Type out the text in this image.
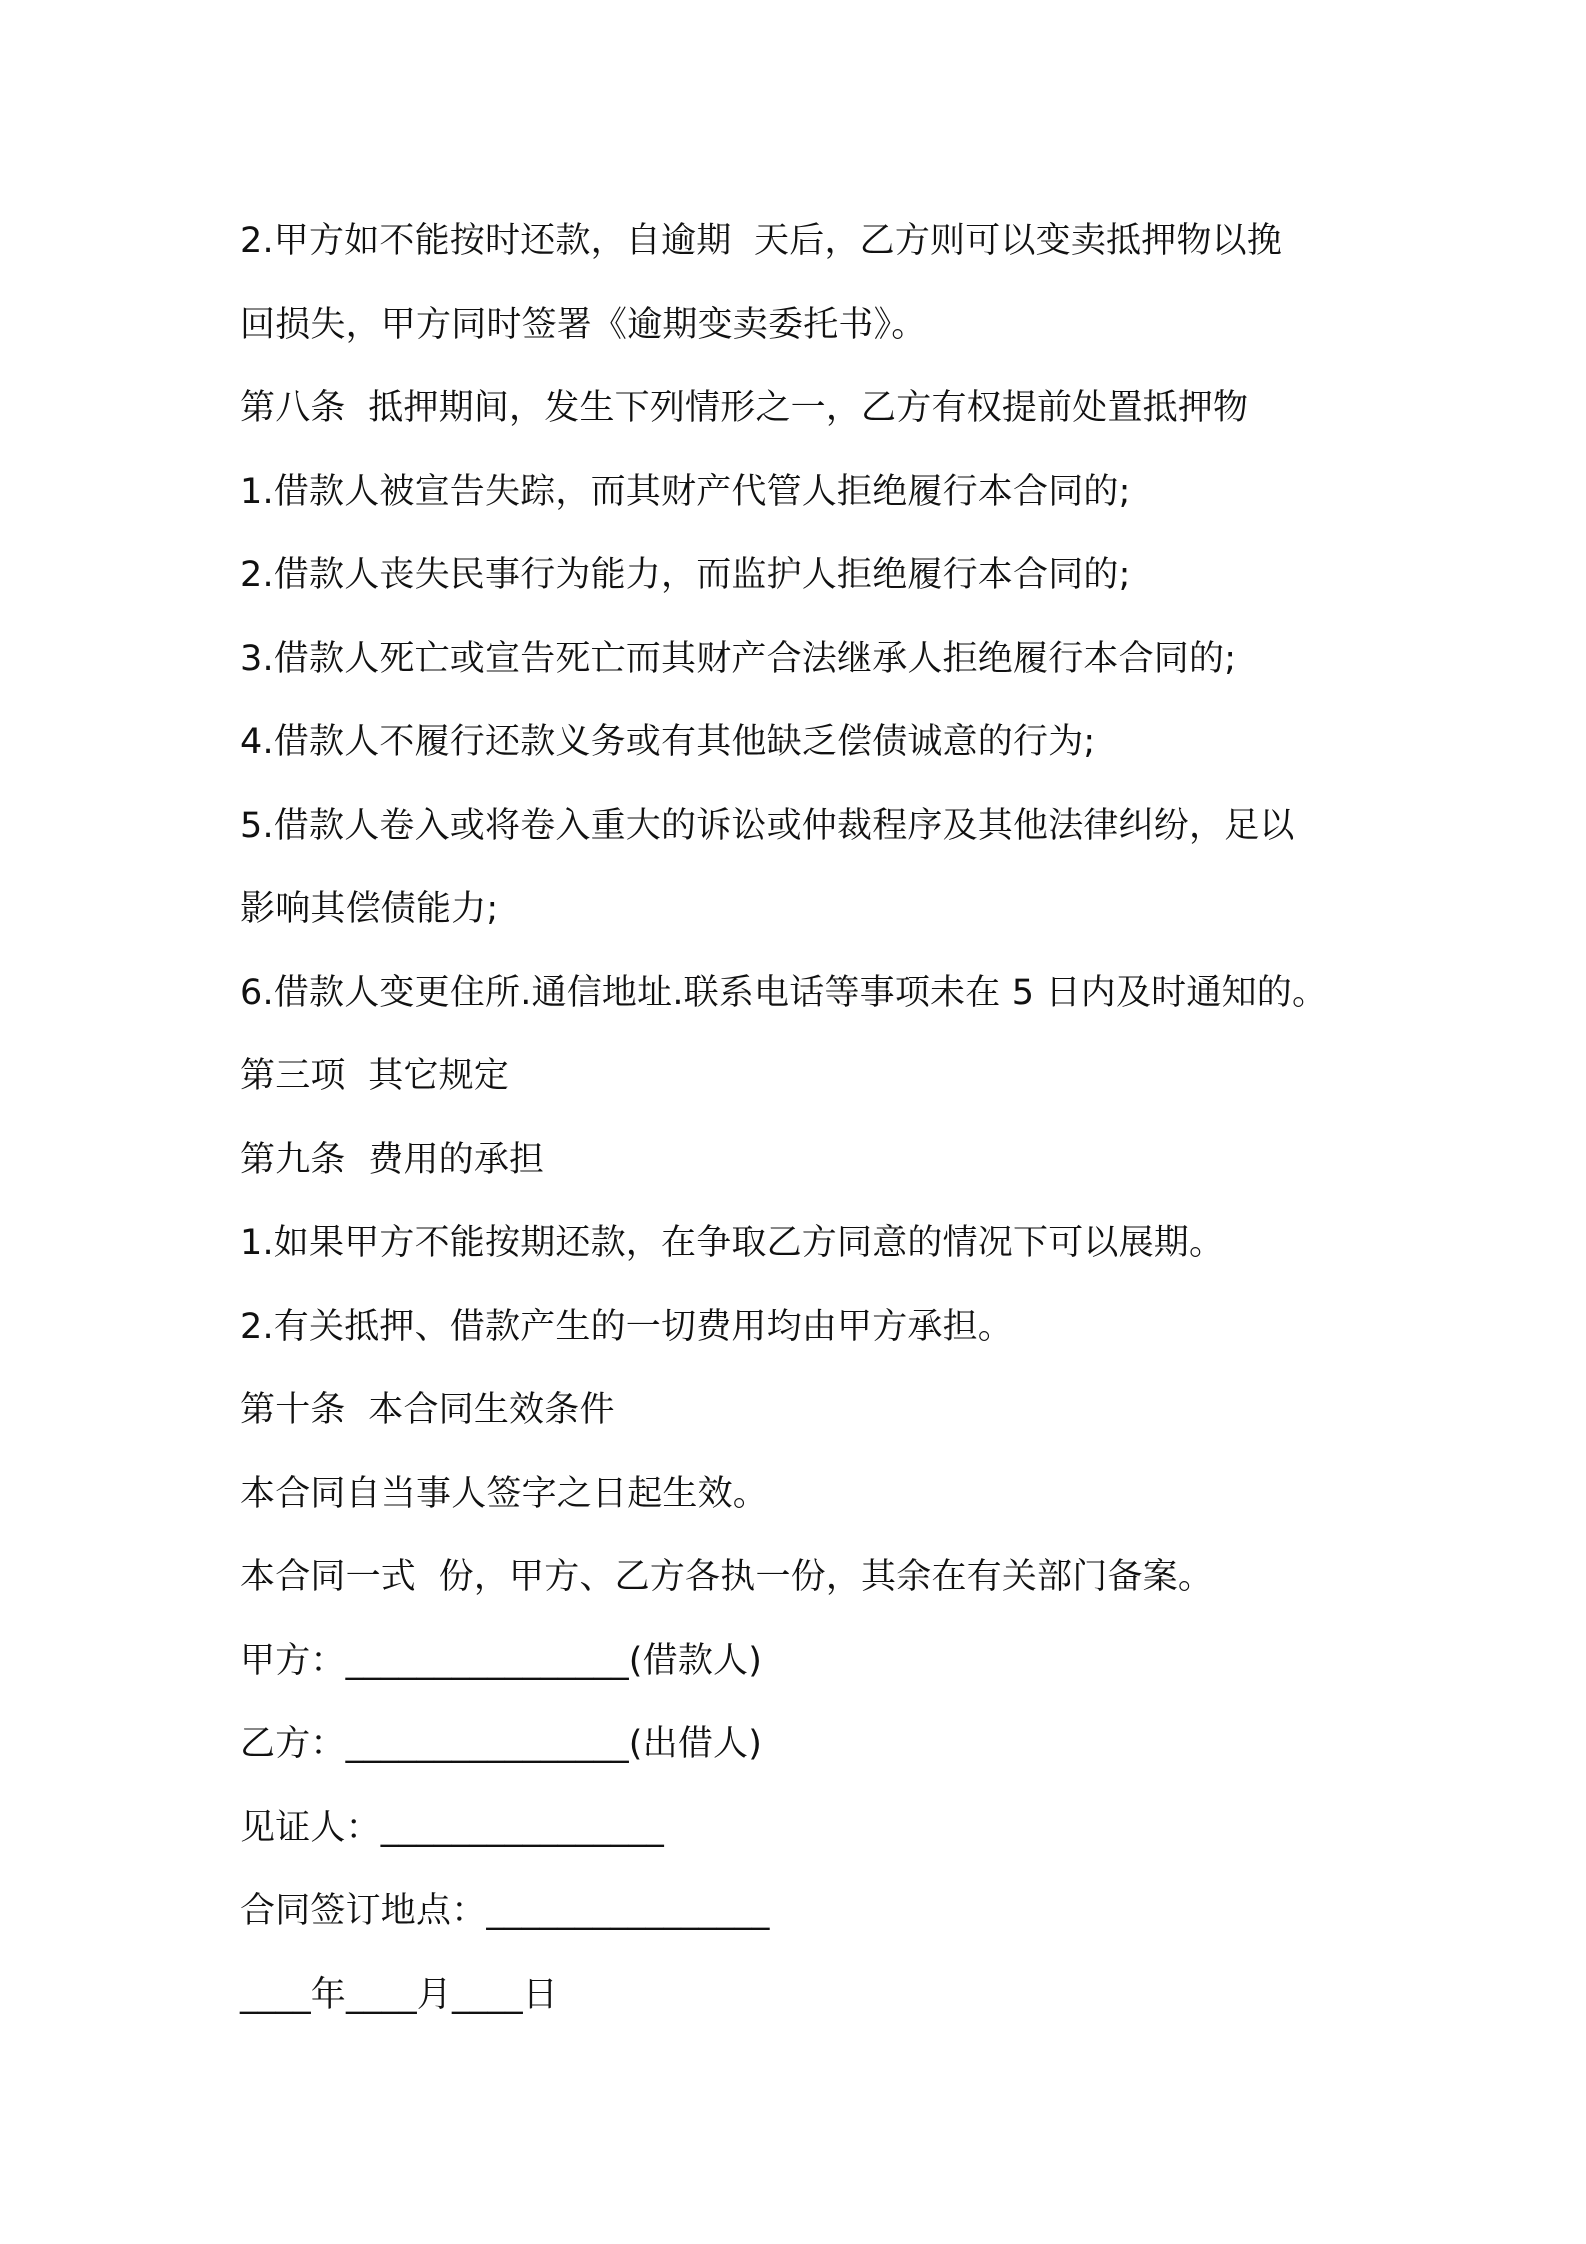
2.甲方如不能按时还款，自逾期  天后，乙方则可以变卖抵押物以挽
回损失，甲方同时签署《逾期变卖委托书》。
第八条  抵押期间，发生下列情形之一，乙方有权提前处置抵押物
1.借款人被宣告失踪，而其财产代管人拒绝履行本合同的;
2.借款人丧失民事行为能力，而监护人拒绝履行本合同的;
3.借款人死亡或宣告死亡而其财产合法继承人拒绝履行本合同的;
4.借款人不履行还款义务或有其他缺乏偿债诚意的行为;
5.借款人卷入或将卷入重大的诉讼或仲裁程序及其他法律纠纷，足以
影响其偿债能力;
6.借款人变更住所.通信地址.联系电话等事项未在 5 日内及时通知的。
第三项  其它规定
第九条  费用的承担
1.如果甲方不能按期还款，在争取乙方同意的情况下可以展期。
2.有关抵押、借款产生的一切费用均由甲方承担。
第十条  本合同生效条件
本合同自当事人签字之日起生效。
本合同一式  份，甲方、乙方各执一份，其余在有关部门备案。
甲方：________________(借款人)
乙方：________________(出借人)
见证人：________________
合同签订地点：________________
____年____月____日
